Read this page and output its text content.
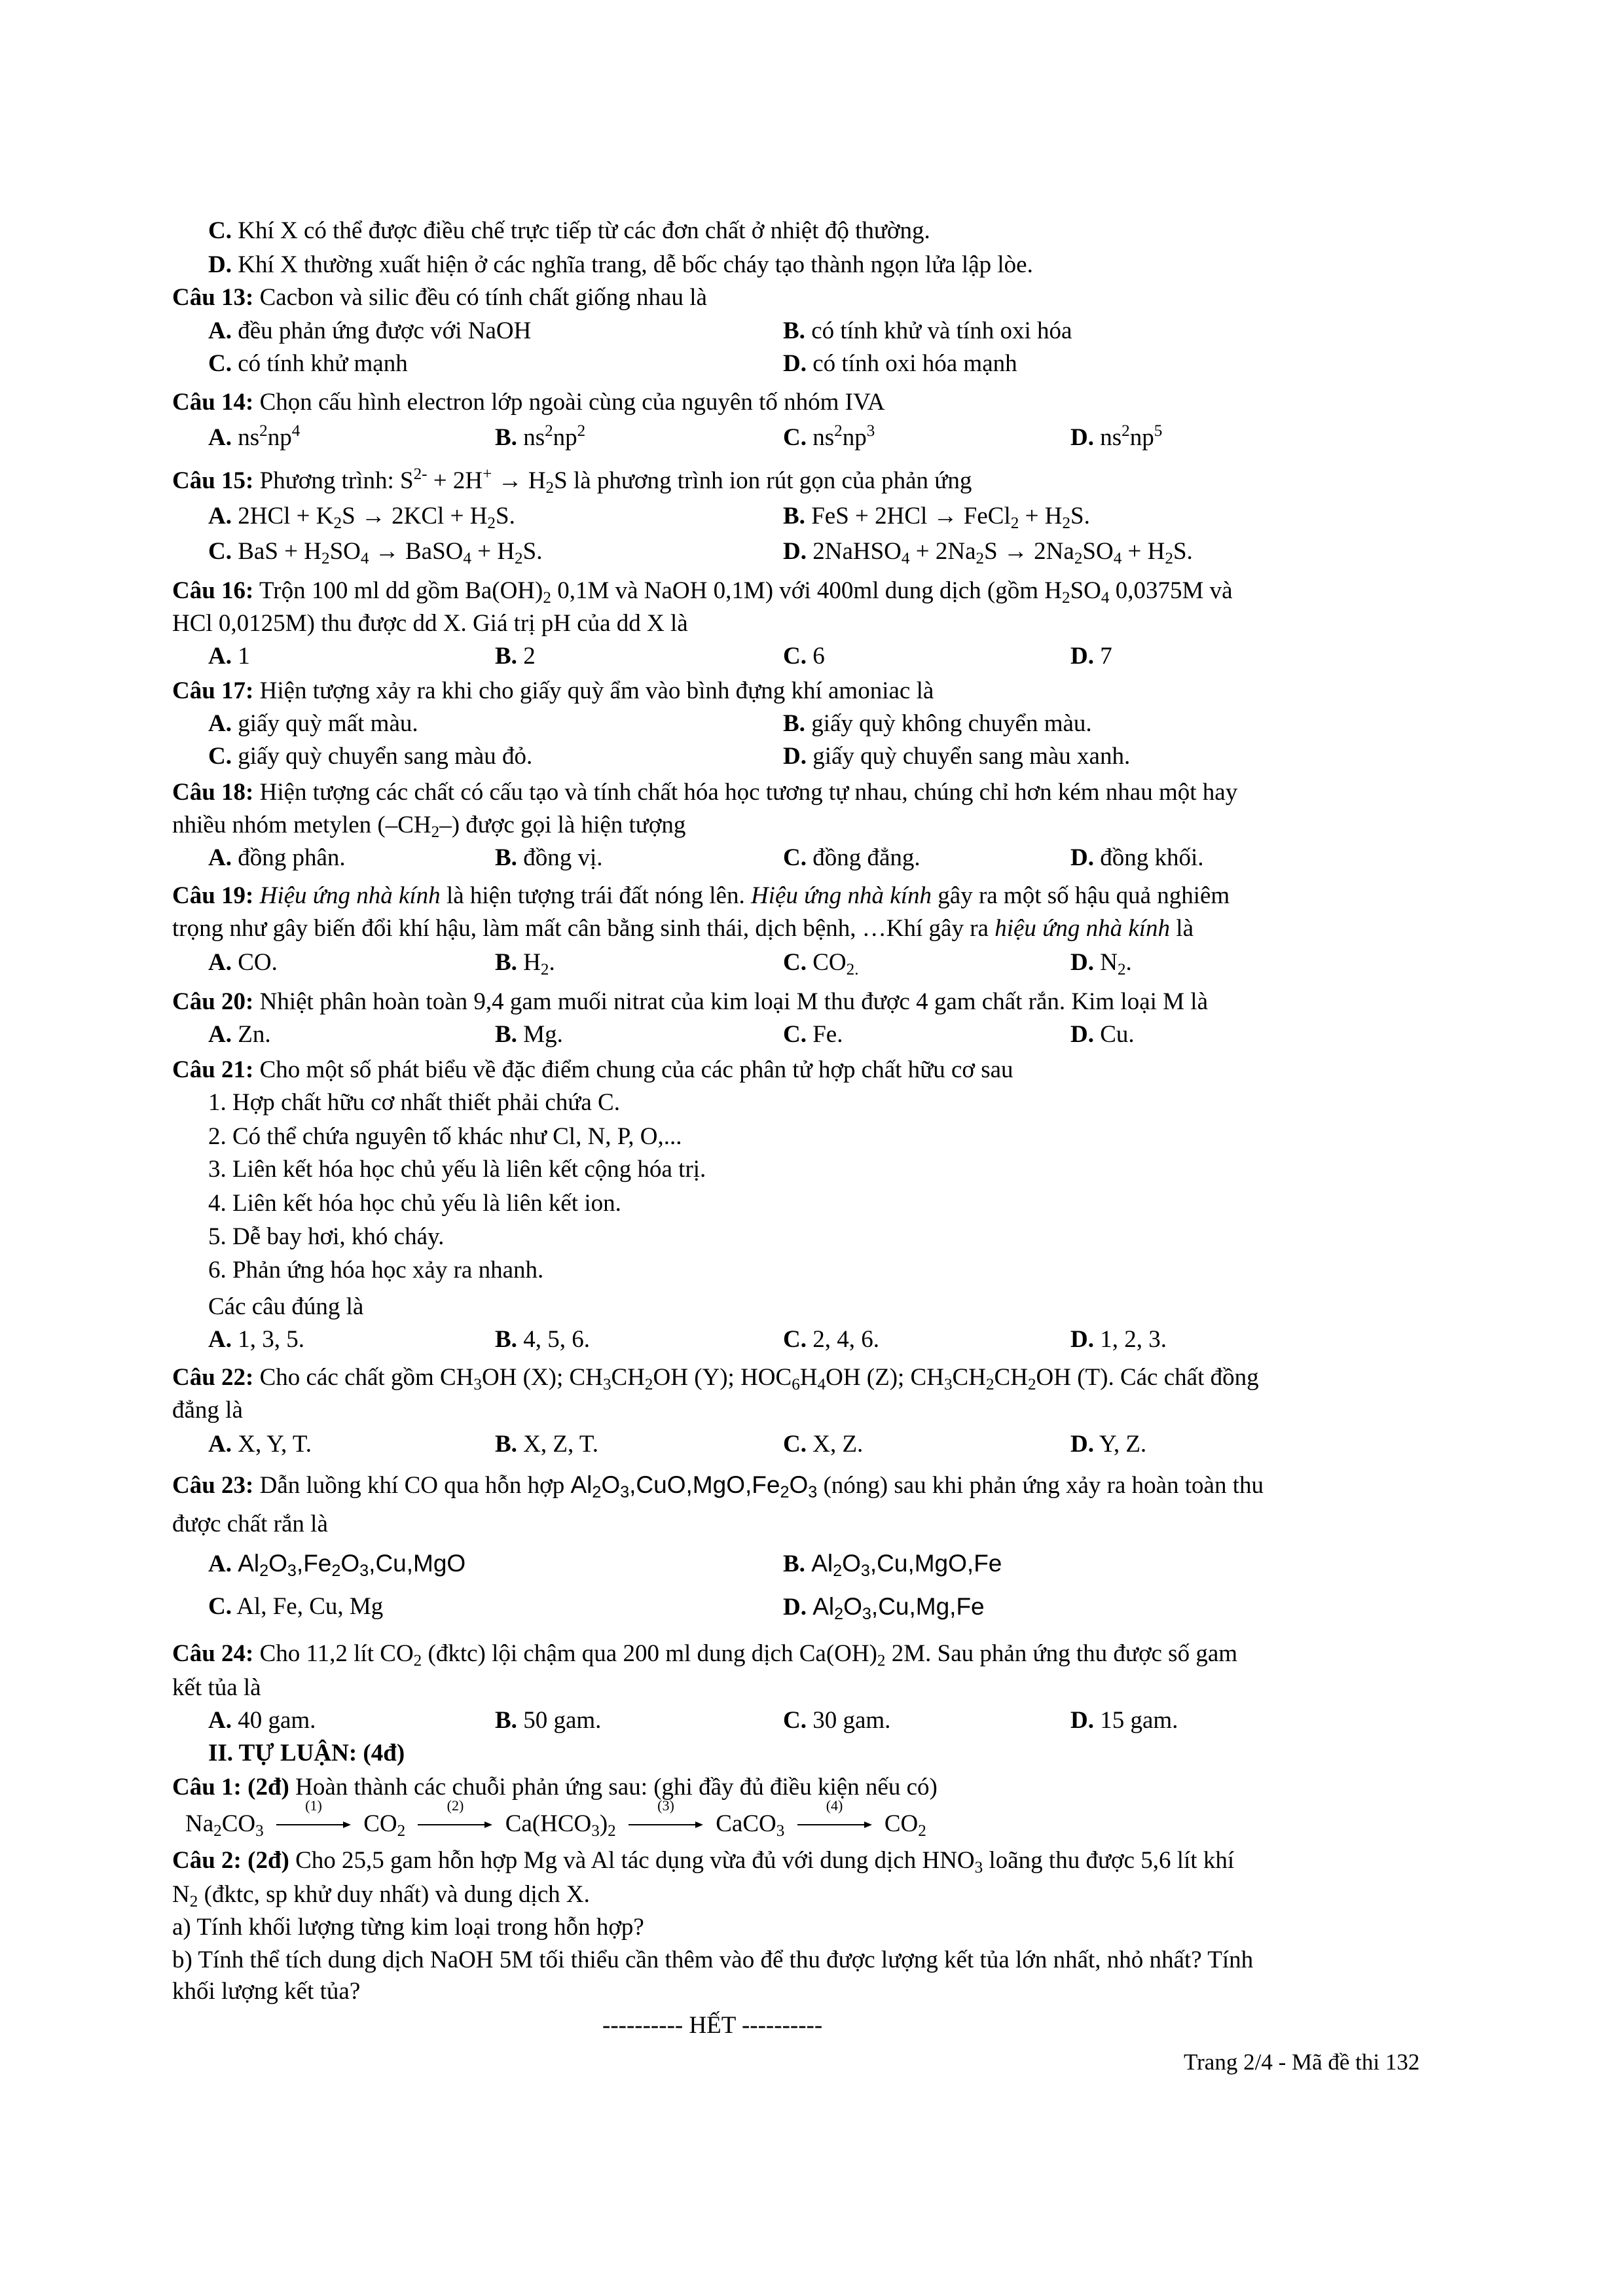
C. Khí X có thể được điều chế trực tiếp từ các đơn chất ở nhiệt độ thường.
D. Khí X thường xuất hiện ở các nghĩa trang, dễ bốc cháy tạo thành ngọn lửa lập lòe.
Câu 13: Cacbon và silic đều có tính chất giống nhau là
A. đều phản ứng được với NaOH	B. có tính khử và tính oxi hóa
C. có tính khử mạnh	D. có tính oxi hóa mạnh
Câu 14: Chọn cấu hình electron lớp ngoài cùng của nguyên tố nhóm IVA
A. $ns^2np^4$	B. $ns^2np^2$	C. $ns^2np^3$	D. $ns^2np^5$
Câu 15: Phương trình: $S^{2-} + 2H^+ \to H_2S$ là phương trình ion rút gọn của phản ứng
A. $2HCl + K_2S \to 2KCl + H_2S$.	B. FeS + 2HCl → FeCl$_2$ + $H_2S$.
C. BaS + $H_2SO_4$ → BaSO$_4$ + $H_2S$.	D. 2NaHSO$_4$ + $2Na_2S \to 2Na_2SO_4 + H_2S$.
Câu 16: Trộn 100 ml dd gồm $Ba(OH)_2$ 0,1M và NaOH 0,1M) với 400ml dung dịch (gồm $H_2SO_4$ 0,0375M và
HCl 0,0125M) thu được dd X. Giá trị pH của dd X là
A. 1	B. 2	C. 6	D. 7
Câu 17: Hiện tượng xảy ra khi cho giấy quỳ ẩm vào bình đựng khí amoniac là
A. giấy quỳ mất màu.	B. giấy quỳ không chuyển màu.
C. giấy quỳ chuyển sang màu đỏ.	D. giấy quỳ chuyển sang màu xanh.
Câu 18: Hiện tượng các chất có cấu tạo và tính chất hóa học tương tự nhau, chúng chỉ hơn kém nhau một hay
nhiều nhóm metylen $(-CH_2-)$ được gọi là hiện tượng
A. đồng phân.	B. đồng vị.	C. đồng đẳng.	D. đồng khối.
Câu 19: Hiệu ứng nhà kính là hiện tượng trái đất nóng lên. Hiệu ứng nhà kính gây ra một số hậu quả nghiêm
trọng như gây biến đổi khí hậu, làm mất cân bằng sinh thái, dịch bệnh, …Khí gây ra hiệu ứng nhà kính là
A. CO.	B. $H_2$.	C. $CO_{2.}$	D. $N_2$.
Câu 20: Nhiệt phân hoàn toàn 9,4 gam muối nitrat của kim loại M thu được 4 gam chất rắn. Kim loại M là
A. Zn.	B. Mg.	C. Fe.	D. Cu.
Câu 21: Cho một số phát biểu về đặc điểm chung của các phân tử hợp chất hữu cơ sau
1. Hợp chất hữu cơ nhất thiết phải chứa C.
2. Có thể chứa nguyên tố khác như Cl, N, P, O,...
3. Liên kết hóa học chủ yếu là liên kết cộng hóa trị.
4. Liên kết hóa học chủ yếu là liên kết ion.
5. Dễ bay hơi, khó cháy.
6. Phản ứng hóa học xảy ra nhanh.
Các câu đúng là
A. 1, 3, 5.	B. 4, 5, 6.	C. 2, 4, 6.	D. 1, 2, 3.
Câu 22: Cho các chất gồm $CH_3OH$ (X); $CH_3CH_2OH$ (Y); $HOC_6H_4OH$ (Z); $CH_3CH_2CH_2OH$ (T). Các chất đồng
đẳng là
A. X, Y, T.	B. X, Z, T.	C. X, Z.	D. Y, Z.
Câu 23: Dẫn luồng khí CO qua hỗn hợp $Al_2O_3,CuO,MgO,Fe_2O_3$ (nóng) sau khi phản ứng xảy ra hoàn toàn thu
được chất rắn là
A. $Al_2O_3,Fe_2O_3,Cu,MgO$	B. $Al_2O_3,Cu,MgO,Fe$
C. Al, Fe, Cu, Mg	D. $Al_2O_3,Cu,Mg,Fe$
Câu 24: Cho 11,2 lít $CO_2$ (đktc) lội chậm qua 200 ml dung dịch $Ca(OH)_2$ 2M. Sau phản ứng thu được số gam
kết tủa là
A. 40 gam.	B. 50 gam.	C. 30 gam.	D. 15 gam.
II. TỰ LUẬN: (4đ)
Câu 1: (2đ) Hoàn thành các chuỗi phản ứng sau: (ghi đầy đủ điều kiện nếu có)
$Na_2CO_3$
(1)
$CO_2$
(2)
$Ca(HCO_3)_2$
(3)
CaCO$_3$
(4)
$CO_2$
Câu 2: (2đ) Cho 25,5 gam hỗn hợp Mg và Al tác dụng vừa đủ với dung dịch $HNO_3$ loãng thu được 5,6 lít khí
$N_2$ (đktc, sp khử duy nhất) và dung dịch X.
a) Tính khối lượng từng kim loại trong hỗn hợp?
b) Tính thể tích dung dịch NaOH 5M tối thiểu cần thêm vào để thu được lượng kết tủa lớn nhất, nhỏ nhất? Tính
khối lượng kết tủa?
---------- HẾT ----------
Trang 2/4 - Mã đề thi 132
